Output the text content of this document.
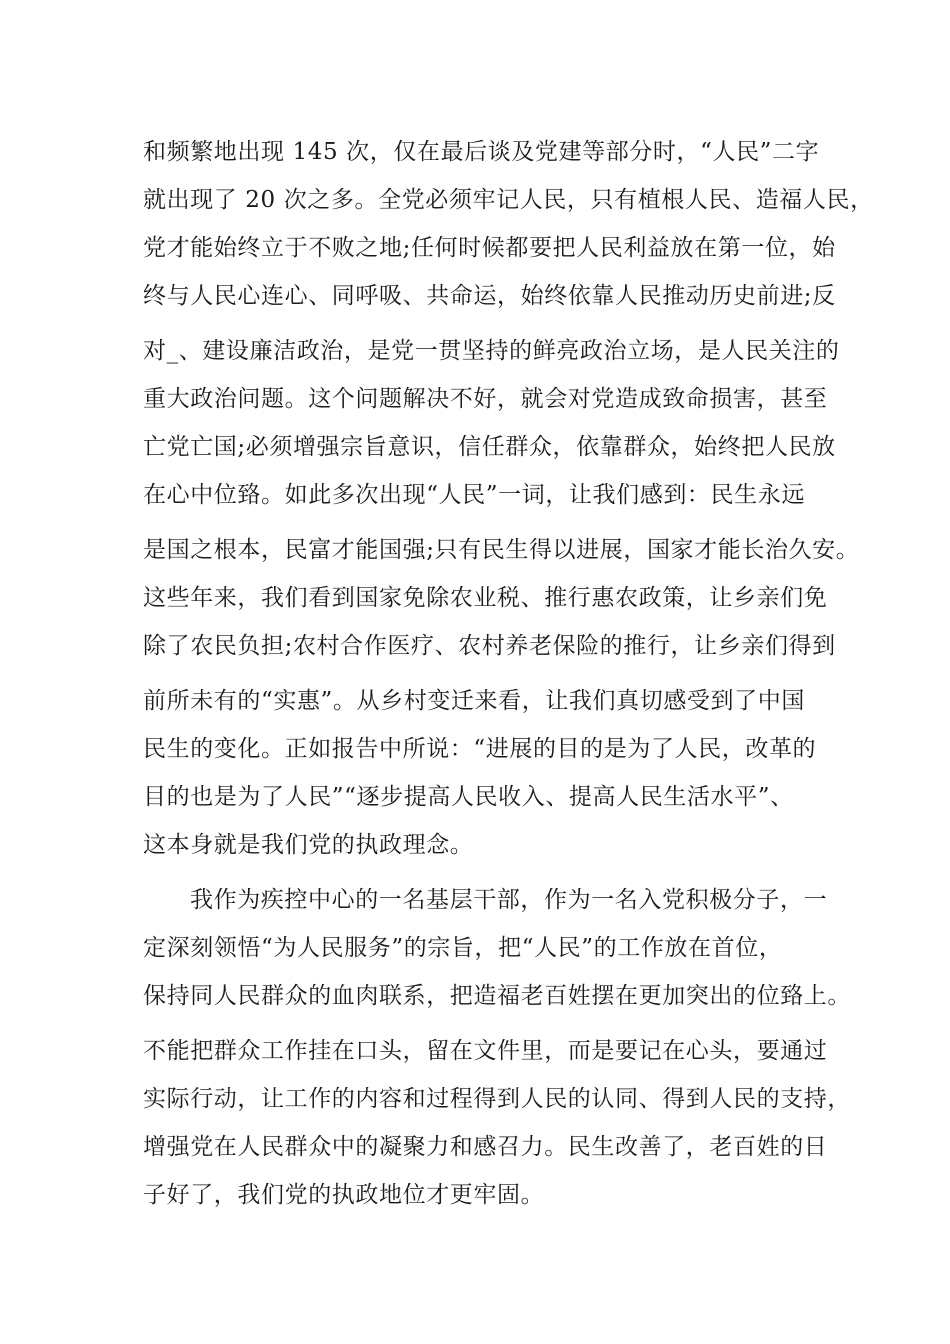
和频繁地出现 145 次，仅在最后谈及党建等部分时，“人民”二字
就出现了 20 次之多。全党必须牢记人民，只有植根人民、造福人民，
党才能始终立于不败之地;任何时候都要把人民利益放在第一位，始
终与人民心连心、同呼吸、共命运，始终依靠人民推动历史前进;反
对_、建设廉洁政治，是党一贯坚持的鲜亮政治立场，是人民关注的
重大政治问题。这个问题解决不好，就会对党造成致命损害，甚至
亡党亡国;必须增强宗旨意识，信任群众，依靠群众，始终把人民放
在心中位臵。如此多次出现“人民”一词，让我们感到：民生永远
是国之根本，民富才能国强;只有民生得以进展，国家才能长治久安。
这些年来，我们看到国家免除农业税、推行惠农政策，让乡亲们免
除了农民负担;农村合作医疗、农村养老保险的推行，让乡亲们得到
前所未有的“实惠”。从乡村变迁来看，让我们真切感受到了中国
民生的变化。正如报告中所说：“进展的目的是为了人民，改革的
目的也是为了人民”“逐步提高人民收入、提高人民生活水平”、
这本身就是我们党的执政理念。
我作为疾控中心的一名基层干部，作为一名入党积极分子，一
定深刻领悟“为人民服务”的宗旨，把“人民”的工作放在首位，
保持同人民群众的血肉联系，把造福老百姓摆在更加突出的位臵上。
不能把群众工作挂在口头，留在文件里，而是要记在心头，要通过
实际行动，让工作的内容和过程得到人民的认同、得到人民的支持，
增强党在人民群众中的凝聚力和感召力。民生改善了，老百姓的日
子好了，我们党的执政地位才更牢固。
